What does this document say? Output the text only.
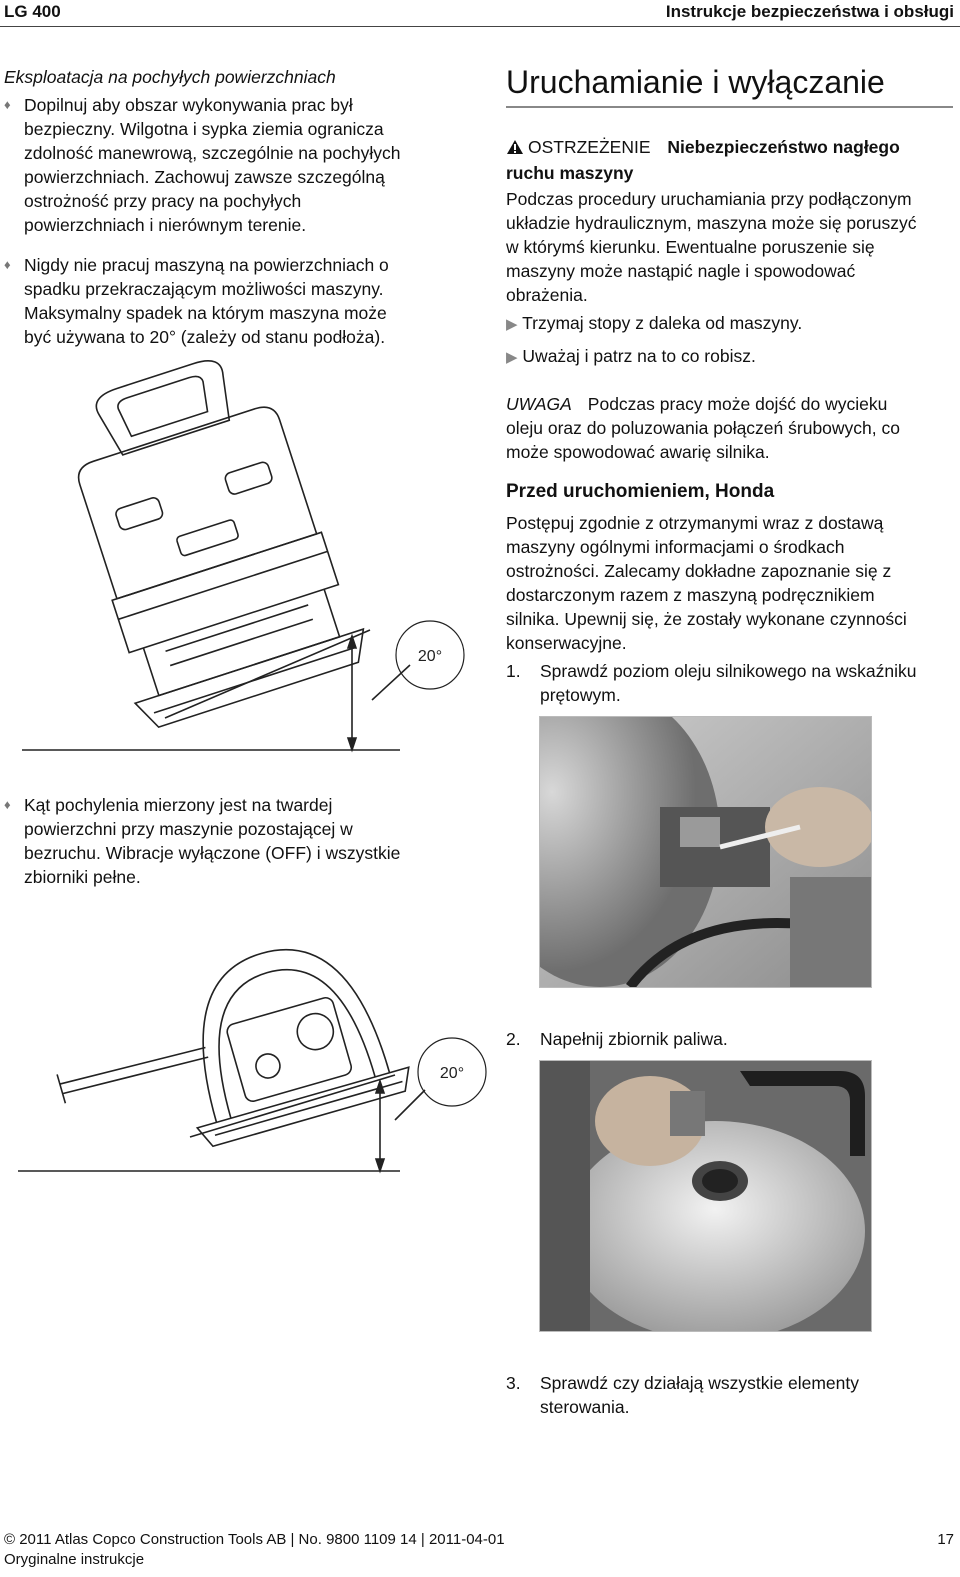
LG 400	Instrukcje bezpieczeństwa i obsługi
Eksploatacja na pochyłych powierzchniach
♦ Dopilnuj aby obszar wykonywania prac był
bezpieczny. Wilgotna i sypka ziemia ogranicza
zdolność manewrową, szczególnie na pochyłych
powierzchniach. Zachowuj zawsze szczególną
ostrożność przy pracy na pochyłych
powierzchniach i nierównym terenie.
♦ Nigdy nie pracuj maszyną na powierzchniach o
spadku przekraczającym możliwości maszyny.
Maksymalny spadek na którym maszyna może
być używana to 20° (zależy od stanu podłoża).
20°
♦ Kąt pochylenia mierzony jest na twardej
powierzchni przy maszynie pozostającej w
bezruchu. Wibracje wyłączone (OFF) i wszystkie
zbiorniki pełne.
20°
Uruchamianie i wyłączanie
OSTRZEŻENIE Niebezpieczeństwo nagłego
ruchu maszyny
Podczas procedury uruchamiania przy podłączonym
układzie hydraulicznym, maszyna może się poruszyć
w którymś kierunku. Ewentualne poruszenie się
maszyny może nastąpić nagle i spowodować
obrażenia.
▶ Trzymaj stopy z daleka od maszyny.
▶ Uważaj i patrz na to co robisz.
UWAGA Podczas pracy może dojść do wycieku
oleju oraz do poluzowania połączeń śrubowych, co
może spowodować awarię silnika.
Przed uruchomieniem, Honda
Postępuj zgodnie z otrzymanymi wraz z dostawą
maszyny ogólnymi informacjami o środkach
ostrożności. Zalecamy dokładne zapoznanie się z
dostarczonym razem z maszyną podręcznikiem
silnika. Upewnij się, że zostały wykonane czynności
konserwacyjne.
1. Sprawdź poziom oleju silnikowego na wskaźniku
prętowym.
2. Napełnij zbiornik paliwa.
3. Sprawdź czy działają wszystkie elementy
sterowania.
© 2011 Atlas Copco Construction Tools AB | No. 9800 1109 14 | 2011-04-01
Oryginalne instrukcje
17
